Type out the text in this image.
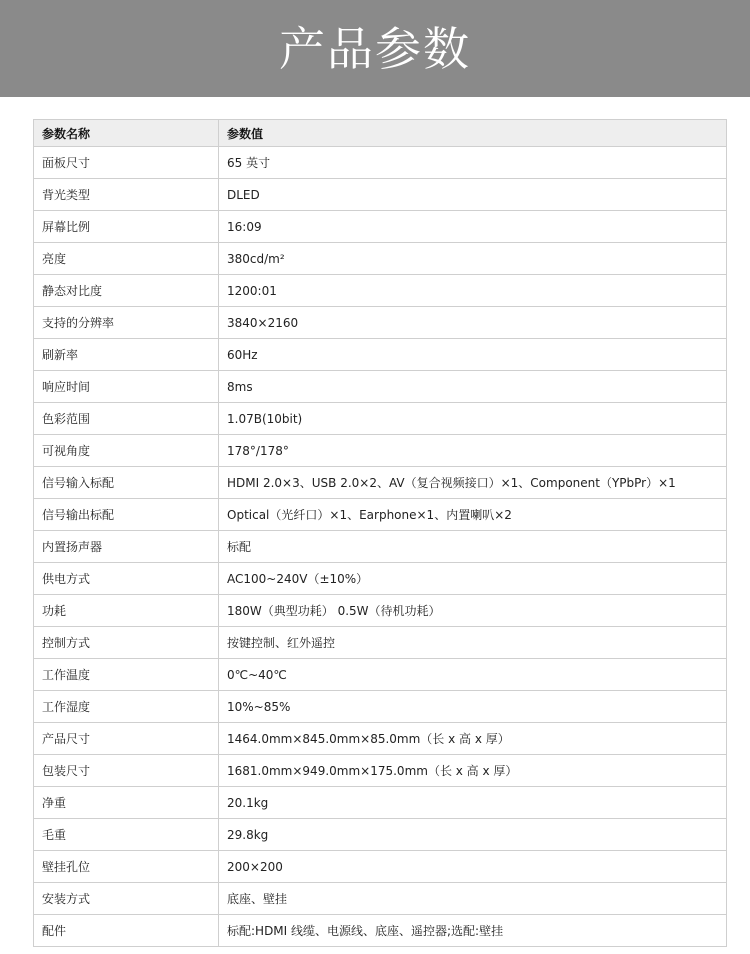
产品参数
参数名称	参数值
面板尺寸	65 英寸
背光类型	DLED
屏幕比例	16:09
亮度	380cd/m²
静态对比度	1200:01
支持的分辨率	3840×2160
刷新率	60Hz
响应时间	8ms
色彩范围	1.07B(10bit)
可视角度	178°/178°
信号输入标配	HDMI 2.0×3、USB 2.0×2、AV（复合视频接口）×1、Component（YPbPr）×1
信号输出标配	Optical（光纤口）×1、Earphone×1、内置喇叭×2
内置扬声器	标配
供电方式	AC100~240V（±10%）
功耗	180W（典型功耗） 0.5W（待机功耗）
控制方式	按键控制、红外遥控
工作温度	0℃~40℃
工作湿度	10%~85%
产品尺寸	1464.0mm×845.0mm×85.0mm（长 x 高 x 厚）
包装尺寸	1681.0mm×949.0mm×175.0mm（长 x 高 x 厚）
净重	20.1kg
毛重	29.8kg
壁挂孔位	200×200
安装方式	底座、壁挂
配件	标配:HDMI 线缆、电源线、底座、遥控器;选配:壁挂
